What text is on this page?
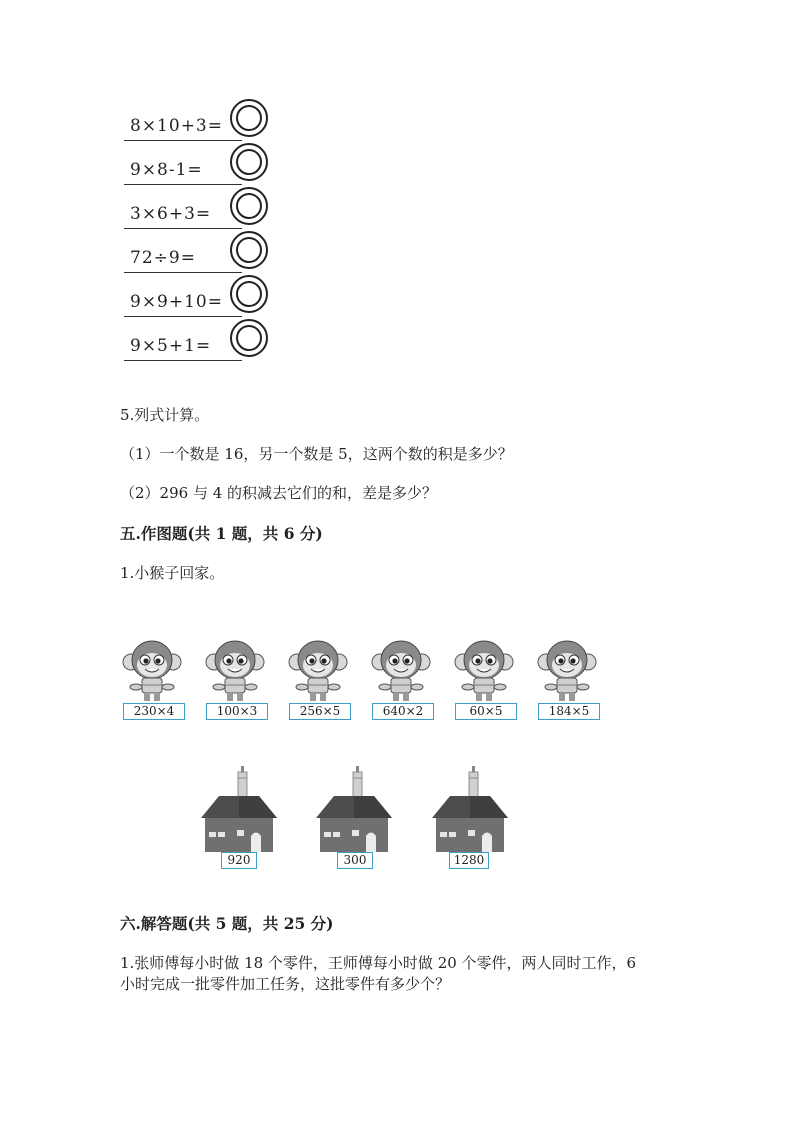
8×10+3=
9×8-1=
3×6+3=
72÷9=
9×9+10=
9×5+1=
5.列式计算。
（1）一个数是 16，另一个数是 5，这两个数的积是多少？
（2）296 与 4 的积减去它们的和，差是多少？
五.作图题(共 1 题，共 6 分)
1.小猴子回家。
230×4	100×3	256×5	640×2	60×5	184×5
920	300	1280
六.解答题(共 5 题，共 25 分)
1.张师傅每小时做 18 个零件，王师傅每小时做 20 个零件，两人同时工作，6
小时完成一批零件加工任务，这批零件有多少个？
